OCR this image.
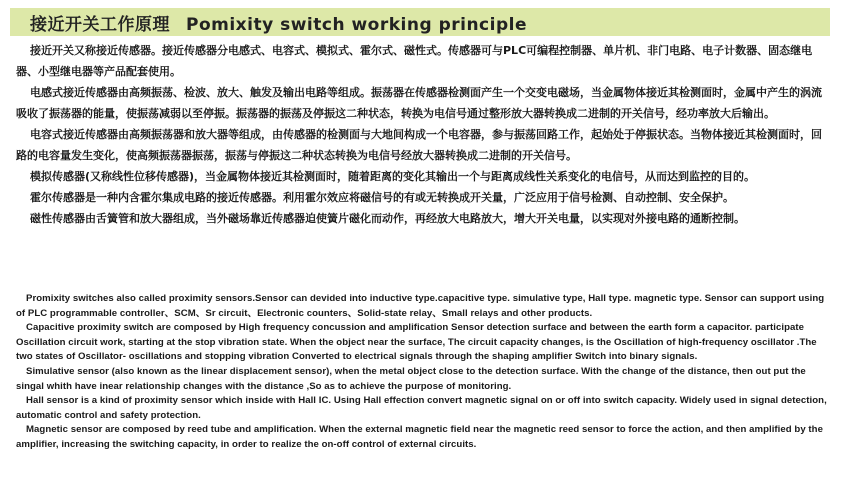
接近开关工作原理 Pomixity switch working principle

接近开关又称接近传感器。接近传感器分电感式、电容式、模拟式、霍尔式、磁性式。传感器可与PLC可编程控制器、单片机、非门电路、电子计数器、固态继电器、小型继电器等产品配套使用。

电感式接近传感器由高频振荡、检波、放大、触发及输出电路等组成。振荡器在传感器检测面产生一个交变电磁场，当金属物体接近其检测面时，金属中产生的涡流吸收了振荡器的能量，使振荡减弱以至停振。振荡器的振荡及停振这二种状态，转换为电信号通过整形放大器转换成二进制的开关信号，经功率放大后输出。

电容式接近传感器由高频振荡器和放大器等组成，由传感器的检测面与大地间构成一个电容器，参与振荡回路工作，起始处于停振状态。当物体接近其检测面时，回路的电容量发生变化，使高频振荡器振荡，振荡与停振这二种状态转换为电信号经放大器转换成二进制的开关信号。

模拟传感器(又称线性位移传感器)，当金属物体接近其检测面时，随着距离的变化其输出一个与距离成线性关系变化的电信号，从而达到监控的目的。

霍尔传感器是一种内含霍尔集成电路的接近传感器。利用霍尔效应将磁信号的有或无转换成开关量，广泛应用于信号检测、自动控制、安全保护。

磁性传感器由舌簧管和放大器组成，当外磁场靠近传感器迫使簧片磁化而动作，再经放大电路放大，增大开关电量，以实现对外接电路的通断控制。

Promixity switches also called proximity sensors.Sensor can devided into inductive type.capacitive type. simulative type, Hall type. magnetic type. Sensor can support using of PLC programmable controller、SCM、Sr circuit、Electronic counters、Solid-state relay、Small relays and other products.

Capacitive proximity switch are composed by High frequency concussion and amplification Sensor detection surface and between the earth form a capacitor. participate Oscillation circuit work, starting at the stop vibration state. When the object near the surface, The circuit capacity changes, is the Oscillation of high-frequency oscillator .The two states of Oscillator- oscillations and stopping vibration Converted to electrical signals through the shaping amplifier Switch into binary signals.

Simulative sensor (also known as the linear displacement sensor), when the metal object close to the detection surface. With the change of the distance, then out put the singal whith have inear relationship changes with the distance ,So as to achieve the purpose of monitoring.

Hall sensor is a kind of proximity sensor which inside with Hall IC. Using Hall effection convert magnetic signal on or off into switch capacity. Widely used in signal detection, automatic control and safety protection.

Magnetic sensor are composed by reed tube and amplification. When the external magnetic field near the magnetic reed sensor to force the action, and then amplified by the amplifier, increasing the switching capacity, in order to realize the on-off control of external circuits.
